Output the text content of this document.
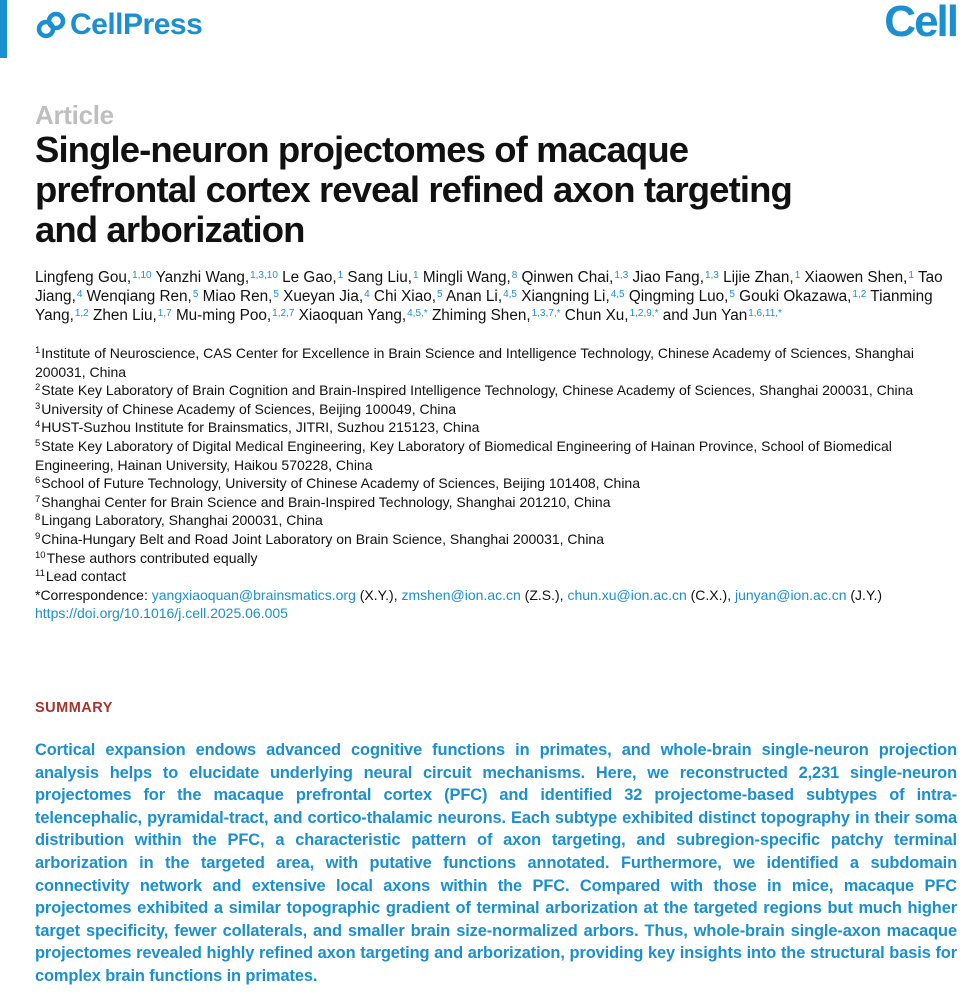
CellPress	Cell
Article
Single-neuron projectomes of macaque prefrontal cortex reveal refined axon targeting and arborization
Lingfeng Gou,$^{1,10}$ Yanzhi Wang,$^{1,3,10}$ Le Gao,$^1$ Sang Liu,$^1$ Mingli Wang,$^8$ Qinwen Chai,$^{1,3}$ Jiao Fang,$^{1,3}$ Lijie Zhan,$^1$ Xiaowen Shen,$^1$ Tao Jiang,$^4$ Wenqiang Ren,$^5$ Miao Ren,$^5$ Xueyan Jia,$^4$ Chi Xiao,$^5$ Anan Li,$^{4,5}$ Xiangning Li,$^{4,5}$ Qingming Luo,$^5$ Gouki Okazawa,$^{1,2}$ Tianming Yang,$^{1,2}$ Zhen Liu,$^{1,7}$ Mu-ming Poo,$^{1,2,7}$ Xiaoquan Yang,$^{4,5,*}$ Zhiming Shen,$^{1,3,7,*}$ Chun Xu,$^{1,2,9,*}$ and Jun Yan$^{1,6,11,*}$
$^1$Institute of Neuroscience, CAS Center for Excellence in Brain Science and Intelligence Technology, Chinese Academy of Sciences, Shanghai 200031, China
$^2$State Key Laboratory of Brain Cognition and Brain-Inspired Intelligence Technology, Chinese Academy of Sciences, Shanghai 200031, China
$^3$University of Chinese Academy of Sciences, Beijing 100049, China
$^4$HUST-Suzhou Institute for Brainsmatics, JITRI, Suzhou 215123, China
$^5$State Key Laboratory of Digital Medical Engineering, Key Laboratory of Biomedical Engineering of Hainan Province, School of Biomedical Engineering, Hainan University, Haikou 570228, China
$^6$School of Future Technology, University of Chinese Academy of Sciences, Beijing 101408, China
$^7$Shanghai Center for Brain Science and Brain-Inspired Technology, Shanghai 201210, China
$^8$Lingang Laboratory, Shanghai 200031, China
$^9$China-Hungary Belt and Road Joint Laboratory on Brain Science, Shanghai 200031, China
$^{10}$These authors contributed equally
$^{11}$Lead contact
*Correspondence: yangxiaoquan@brainsmatics.org (X.Y.), zmshen@ion.ac.cn (Z.S.), chun.xu@ion.ac.cn (C.X.), junyan@ion.ac.cn (J.Y.)
https://doi.org/10.1016/j.cell.2025.06.005
SUMMARY
Cortical expansion endows advanced cognitive functions in primates, and whole-brain single-neuron projection analysis helps to elucidate underlying neural circuit mechanisms. Here, we reconstructed 2,231 single-neuron projectomes for the macaque prefrontal cortex (PFC) and identified 32 projectome-based subtypes of intra-telencephalic, pyramidal-tract, and cortico-thalamic neurons. Each subtype exhibited distinct topography in their soma distribution within the PFC, a characteristic pattern of axon targeting, and subregion-specific patchy terminal arborization in the targeted area, with putative functions annotated. Furthermore, we identified a subdomain connectivity network and extensive local axons within the PFC. Compared with those in mice, macaque PFC projectomes exhibited a similar topographic gradient of terminal arborization at the targeted regions but much higher target specificity, fewer collaterals, and smaller brain size-normalized arbors. Thus, whole-brain single-axon macaque projectomes revealed highly refined axon targeting and arborization, providing key insights into the structural basis for complex brain functions in primates.
